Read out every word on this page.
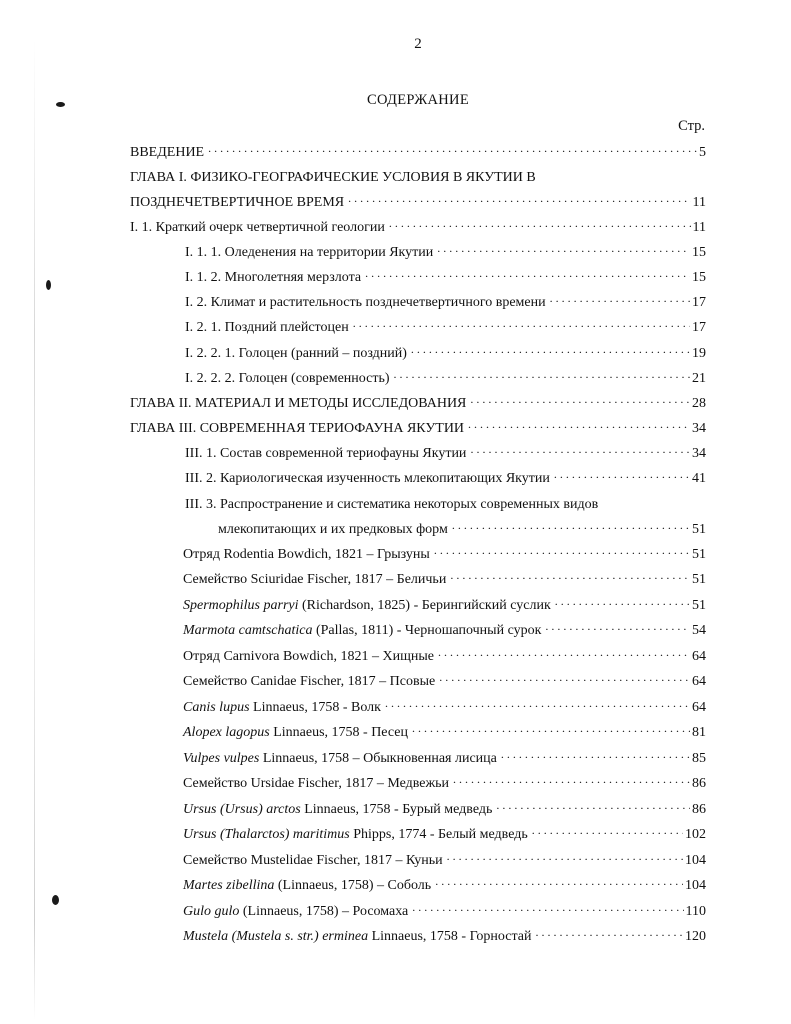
2
СОДЕРЖАНИЕ
Стр.
ВВЕДЕНИЕ . . .	5
ГЛАВА I. ФИЗИКО-ГЕОГРАФИЧЕСКИЕ УСЛОВИЯ В ЯКУТИИ В
ПОЗДНЕЧЕТВЕРТИЧНОЕ ВРЕМЯ . . .	11
I. 1. Краткий очерк четвертичной геологии . . .	11
I. 1. 1. Оледенения на территории Якутии . . .	15
I. 1. 2. Многолетняя мерзлота . . .	15
I. 2. Климат и растительность позднечетвертичного времени . . .	17
I. 2. 1. Поздний плейстоцен . . .	17
I. 2. 2. 1. Голоцен (ранний – поздний) . . .	19
I. 2. 2. 2. Голоцен (современность) . . .	21
ГЛАВА II. МАТЕРИАЛ И МЕТОДЫ ИССЛЕДОВАНИЯ . . .	28
ГЛАВА III. СОВРЕМЕННАЯ ТЕРИОФАУНА ЯКУТИИ . . .	34
III. 1. Состав современной териофауны Якутии . . .	34
III. 2. Кариологическая изученность млекопитающих Якутии . . .	41
III. 3. Распространение и систематика некоторых современных видов
млекопитающих и их предковых форм . . .	51
Отряд Rodentia Bowdich, 1821 – Грызуны . . .	51
Семейство Sciuridae Fischer, 1817 – Беличьи . . .	51
Spermophilus parryi (Richardson, 1825) - Берингийский суслик . . .	51
Marmota camtschatica (Pallas, 1811) - Черношапочный сурок . . .	54
Отряд Carnivora Bowdich, 1821 – Хищные . . .	64
Семейство Canidae Fischer, 1817 – Псовые . . .	64
Canis lupus Linnaeus, 1758 - Волк . . .	64
Alopex lagopus Linnaeus, 1758 - Песец . . .	81
Vulpes vulpes Linnaeus, 1758 – Обыкновенная лисица . . .	85
Семейство Ursidae Fischer, 1817 – Медвежьи . . .	86
Ursus (Ursus) arctos Linnaeus, 1758 - Бурый медведь . . .	86
Ursus (Thalarctos) maritimus Phipps, 1774 - Белый медведь . . .	102
Семейство Mustelidae Fischer, 1817 – Куньи . . .	104
Martes zibellina (Linnaeus, 1758) – Соболь . . .	104
Gulo gulo (Linnaeus, 1758) – Росомаха . . .	110
Mustela (Mustela s. str.) erminea Linnaeus, 1758 - Горностай . . .	120
